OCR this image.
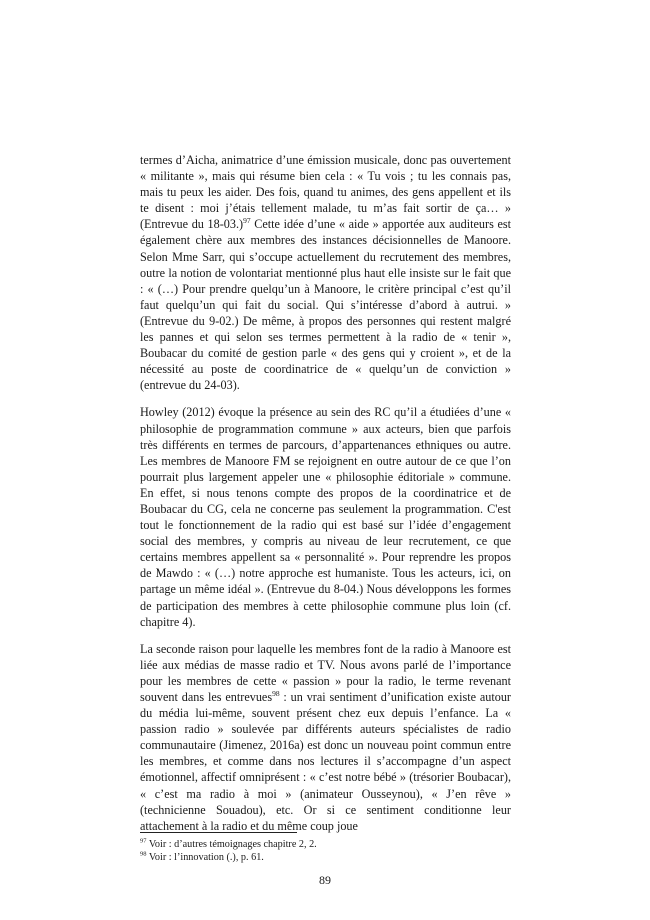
termes d’Aicha, animatrice d’une émission musicale, donc pas ouvertement « militante », mais qui résume bien cela : « Tu vois ; tu les connais pas, mais tu peux les aider. Des fois, quand tu animes, des gens appellent et ils te disent : moi j’étais tellement malade, tu m’as fait sortir de ça… » (Entrevue du 18-03.)$^{97}$ Cette idée d’une « aide » apportée aux auditeurs est également chère aux membres des instances décisionnelles de Manoore. Selon Mme Sarr, qui s’occupe actuellement du recrutement des membres, outre la notion de volontariat mentionné plus haut elle insiste sur le fait que : « (…) Pour prendre quelqu’un à Manoore, le critère principal c’est qu’il faut quelqu’un qui fait du social. Qui s’intéresse d’abord à autrui. » (Entrevue du 9-02.) De même, à propos des personnes qui restent malgré les pannes et qui selon ses termes permettent à la radio de « tenir », Boubacar du comité de gestion parle « des gens qui y croient », et de la nécessité au poste de coordinatrice de « quelqu’un de conviction » (entrevue du 24-03).

Howley (2012) évoque la présence au sein des RC qu’il a étudiées d’une « philosophie de programmation commune » aux acteurs, bien que parfois très différents en termes de parcours, d’appartenances ethniques ou autre. Les membres de Manoore FM se rejoignent en outre autour de ce que l’on pourrait plus largement appeler une « philosophie éditoriale » commune. En effet, si nous tenons compte des propos de la coordinatrice et de Boubacar du CG, cela ne concerne pas seulement la programmation. C'est tout le fonctionnement de la radio qui est basé sur l’idée d’engagement social des membres, y compris au niveau de leur recrutement, ce que certains membres appellent sa « personnalité ». Pour reprendre les propos de Mawdo : « (…) notre approche est humaniste. Tous les acteurs, ici, on partage un même idéal ». (Entrevue du 8-04.) Nous développons les formes de participation des membres à cette philosophie commune plus loin (cf. chapitre 4).

La seconde raison pour laquelle les membres font de la radio à Manoore est liée aux médias de masse radio et TV. Nous avons parlé de l’importance pour les membres de cette « passion » pour la radio, le terme revenant souvent dans les entrevues$^{98}$ : un vrai sentiment d’unification existe autour du média lui-même, souvent présent chez eux depuis l’enfance. La « passion radio » soulevée par différents auteurs spécialistes de radio communautaire (Jimenez, 2016a) est donc un nouveau point commun entre les membres, et comme dans nos lectures il s’accompagne d’un aspect émotionnel, affectif omniprésent : « c’est notre bébé » (trésorier Boubacar), « c’est ma radio à moi » (animateur Ousseynou), « J’en rêve » (technicienne Souadou), etc. Or si ce sentiment conditionne leur attachement à la radio et du même coup joue

$^{97}$ Voir : d’autres témoignages chapitre 2, 2.

$^{98}$ Voir : l’innovation (.), p. 61.

89
